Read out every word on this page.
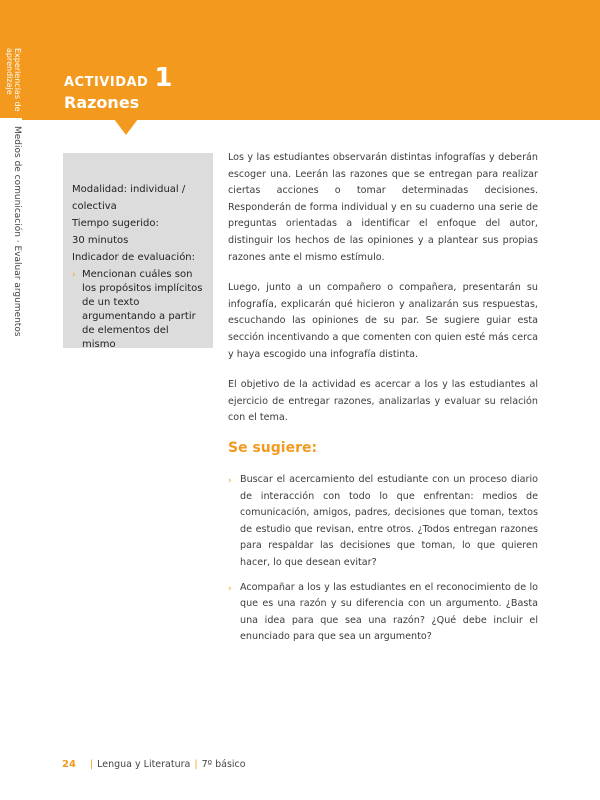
Experiencias de aprendizaje
Medios de comunicación · Evaluar argumentos
ACTIVIDAD 1
Razones

Modalidad: individual / colectiva

Tiempo sugerido:

30 minutos

Indicador de evaluación:

› Mencionan cuáles son los propósitos implícitos de un texto argumentando a partir de elementos del mismo

Los y las estudiantes observarán distintas infografías y deberán escoger una. Leerán las razones que se entregan para realizar ciertas acciones o tomar determinadas decisiones. Responderán de forma individual y en su cuaderno una serie de preguntas orientadas a identificar el enfoque del autor, distinguir los hechos de las opiniones y a plantear sus propias razones ante el mismo estímulo.

Luego, junto a un compañero o compañera, presentarán su infografía, explicarán qué hicieron y analizarán sus respuestas, escuchando las opiniones de su par. Se sugiere guiar esta sección incentivando a que comenten con quien esté más cerca y haya escogido una infografía distinta.

El objetivo de la actividad es acercar a los y las estudiantes al ejercicio de entregar razones, analizarlas y evaluar su relación con el tema.

Se sugiere:
› Buscar el acercamiento del estudiante con un proceso diario de interacción con todo lo que enfrentan: medios de comunicación, amigos, padres, decisiones que toman, textos de estudio que revisan, entre otros. ¿Todos entregan razones para respaldar las decisiones que toman, lo que quieren hacer, lo que desean evitar?
› Acompañar a los y las estudiantes en el reconocimiento de lo que es una razón y su diferencia con un argumento. ¿Basta una idea para que sea una razón? ¿Qué debe incluir el enunciado para que sea un argumento?
24 | Lengua y Literatura | 7º básico
